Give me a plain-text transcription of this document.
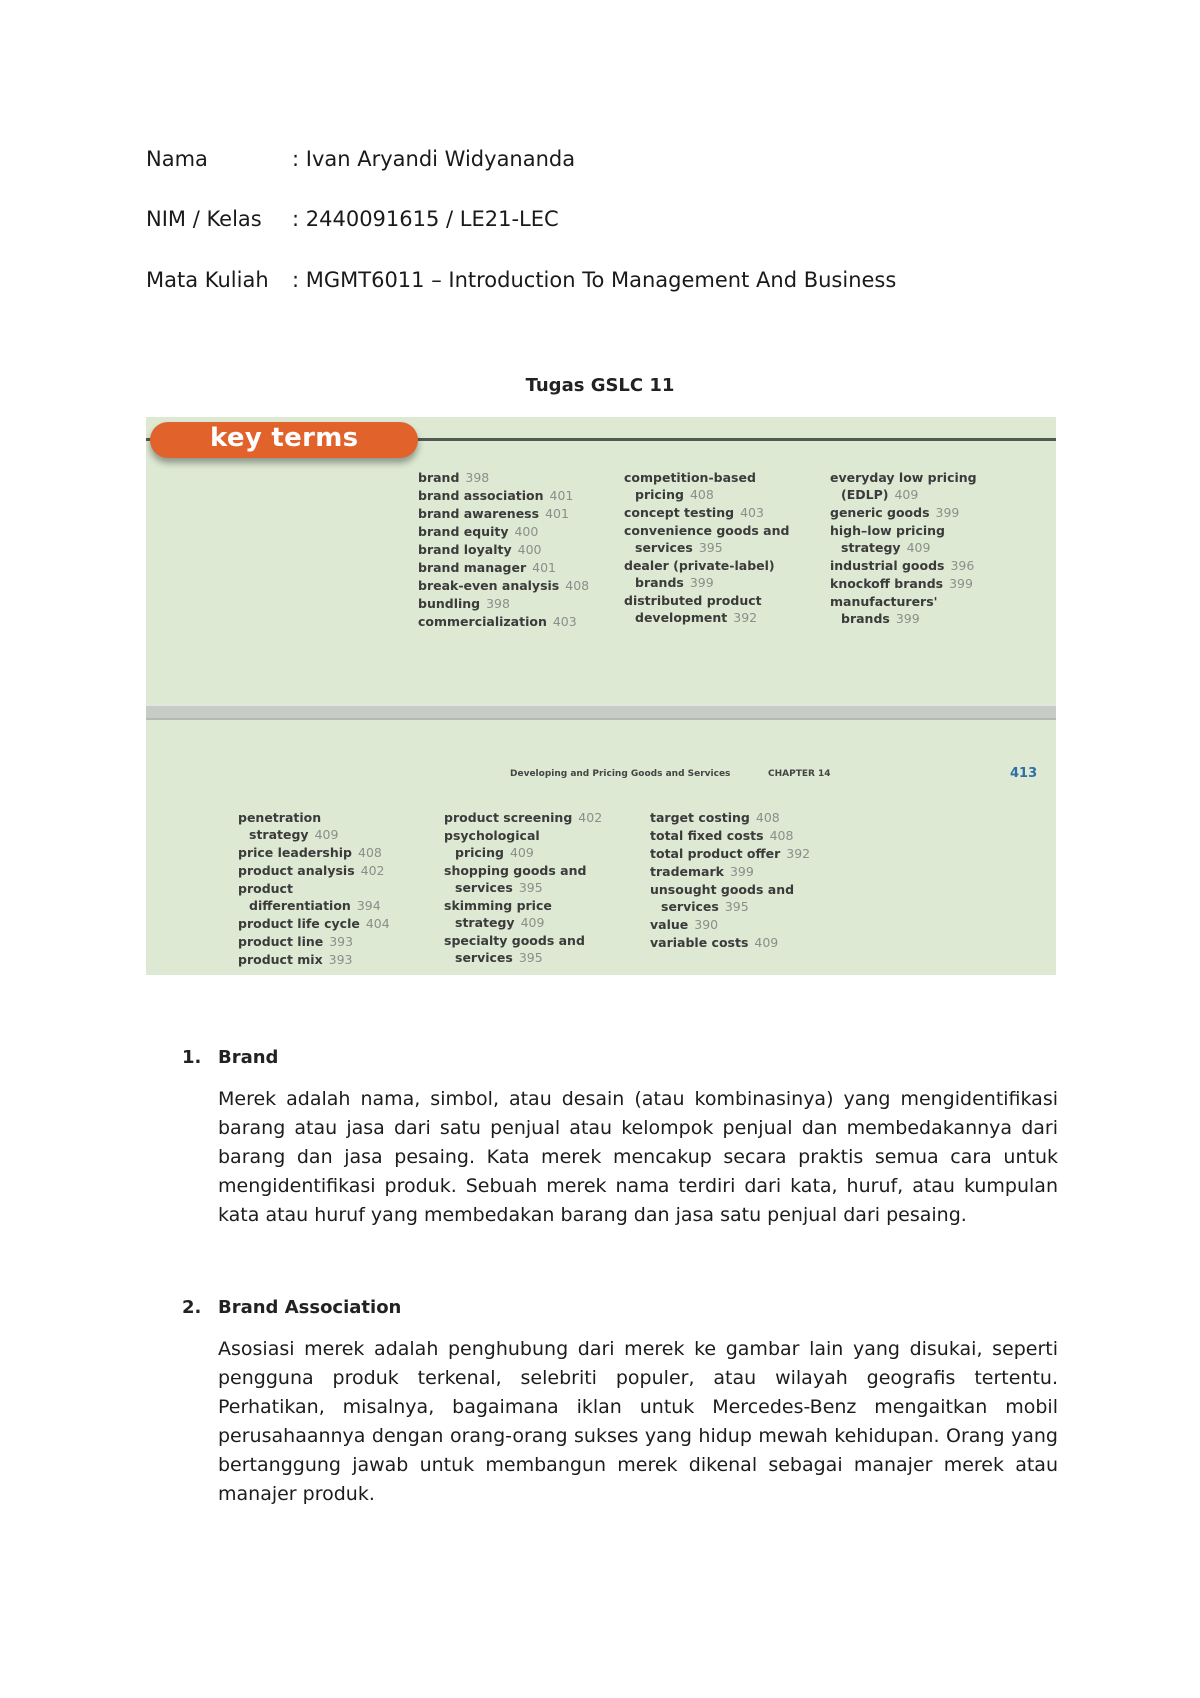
Nama	: Ivan Aryandi Widyananda
NIM / Kelas : 2440091615 / LE21-LEC
Mata Kuliah : MGMT6011 – Introduction To Management And Business
Tugas GSLC 11
key terms
brand 398
brand association 401
brand awareness 401
brand equity 400
brand loyalty 400
brand manager 401
break-even analysis 408
bundling 398
commercialization 403
competition-based
pricing 408
concept testing 403
convenience goods and
services 395
dealer (private-label)
brands 399
distributed product
development 392
everyday low pricing
(EDLP) 409
generic goods 399
high–low pricing
strategy 409
industrial goods 396
knockoff brands 399
manufacturers'
brands 399
Developing and Pricing Goods and Services	CHAPTER 14	413
penetration
strategy 409
price leadership 408
product analysis 402
product
differentiation 394
product life cycle 404
product line 393
product mix 393
product screening 402
psychological
pricing 409
shopping goods and
services 395
skimming price
strategy 409
specialty goods and
services 395
target costing 408
total fixed costs 408
total product offer 392
trademark 399
unsought goods and
services 395
value 390
variable costs 409
1. Brand

Merek adalah nama, simbol, atau desain (atau kombinasinya) yang mengidentifikasi barang atau jasa dari satu penjual atau kelompok penjual dan membedakannya dari barang dan jasa pesaing. Kata merek mencakup secara praktis semua cara untuk mengidentifikasi produk. Sebuah merek nama terdiri dari kata, huruf, atau kumpulan kata atau huruf yang membedakan barang dan jasa satu penjual dari pesaing.

2. Brand Association

Asosiasi merek adalah penghubung dari merek ke gambar lain yang disukai, seperti pengguna produk terkenal, selebriti populer, atau wilayah geografis tertentu. Perhatikan, misalnya, bagaimana iklan untuk Mercedes-Benz mengaitkan mobil perusahaannya dengan orang-orang sukses yang hidup mewah kehidupan. Orang yang bertanggung jawab untuk membangun merek dikenal sebagai manajer merek atau manajer produk.
